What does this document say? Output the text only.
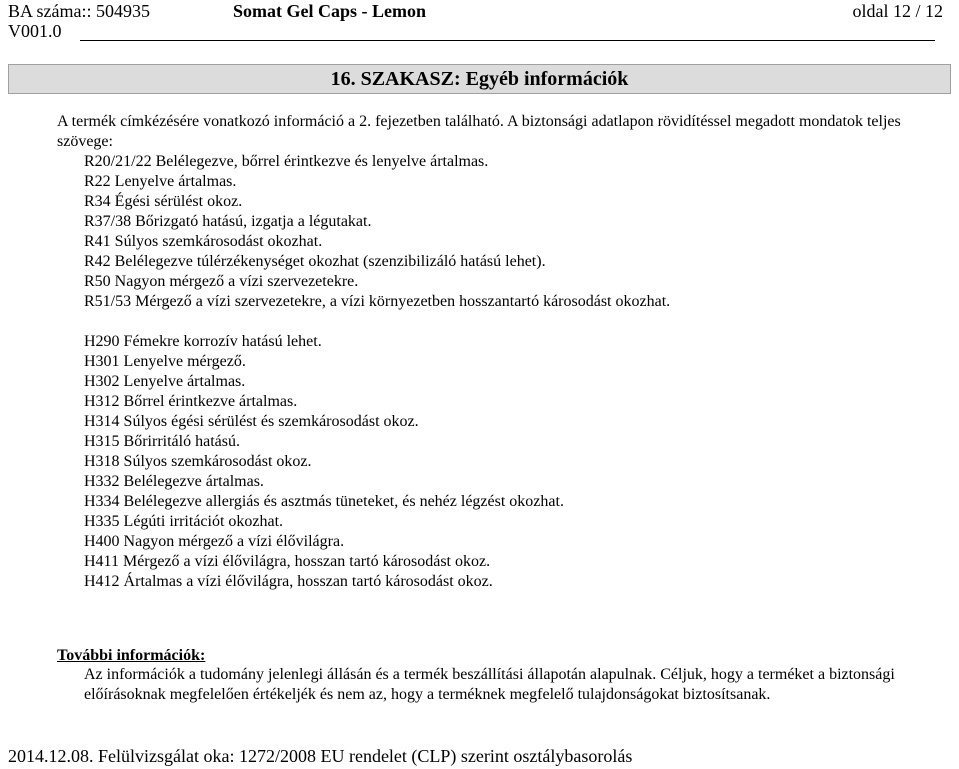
BA száma:: 504935
V001.0
Somat Gel Caps - Lemon	oldal 12 / 12
16. SZAKASZ: Egyéb információk
A termék címkézésére vonatkozó információ a 2. fejezetben található. A biztonsági adatlapon rövidítéssel megadott mondatok teljes szövege:
R20/21/22 Belélegezve, bőrrel érintkezve és lenyelve ártalmas.
R22 Lenyelve ártalmas.
R34 Égési sérülést okoz.
R37/38 Bőrizgató hatású, izgatja a légutakat.
R41 Súlyos szemkárosodást okozhat.
R42 Belélegezve túlérzékenységet okozhat (szenzibilizáló hatású lehet).
R50 Nagyon mérgező a vízi szervezetekre.
R51/53 Mérgező a vízi szervezetekre, a vízi környezetben hosszantartó károsodást okozhat.
H290 Fémekre korrozív hatású lehet.
H301 Lenyelve mérgező.
H302 Lenyelve ártalmas.
H312 Bőrrel érintkezve ártalmas.
H314 Súlyos égési sérülést és szemkárosodást okoz.
H315 Bőrirritáló hatású.
H318 Súlyos szemkárosodást okoz.
H332 Belélegezve ártalmas.
H334 Belélegezve allergiás és asztmás tüneteket, és nehéz légzést okozhat.
H335 Légúti irritációt okozhat.
H400 Nagyon mérgező a vízi élővilágra.
H411 Mérgező a vízi élővilágra, hosszan tartó károsodást okoz.
H412 Ártalmas a vízi élővilágra, hosszan tartó károsodást okoz.
További információk:
Az információk a tudomány jelenlegi állásán és a termék beszállítási állapotán alapulnak. Céljuk, hogy a terméket a biztonsági előírásoknak megfelelően értékeljék és nem az, hogy a terméknek megfelelő tulajdonságokat biztosítsanak.
2014.12.08. Felülvizsgálat oka: 1272/2008 EU rendelet (CLP) szerint osztálybasorolás
